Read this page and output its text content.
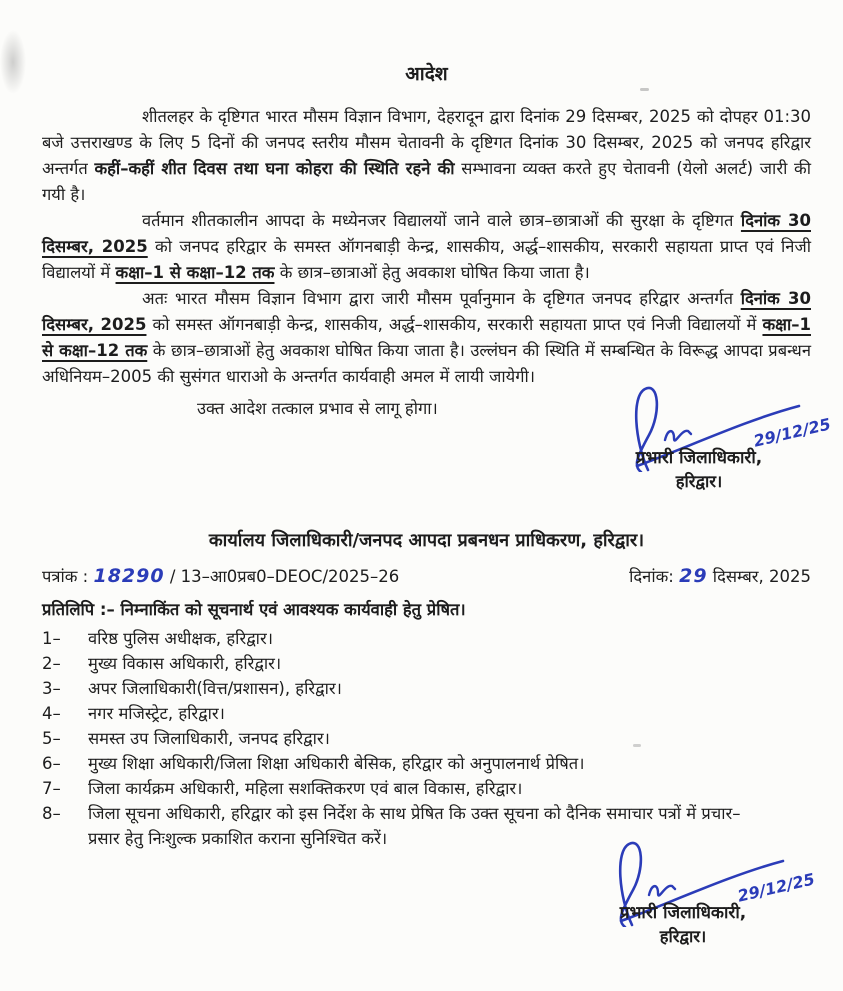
आदेश

शीतलहर के दृष्टिगत भारत मौसम विज्ञान विभाग, देहरादून द्वारा दिनांक 29 दिसम्बर, 2025 को दोपहर 01:30 बजे उत्तराखण्ड के लिए 5 दिनों की जनपद स्तरीय मौसम चेतावनी के दृष्टिगत दिनांक 30 दिसम्बर, 2025 को जनपद हरिद्वार अन्तर्गत कहीं–कहीं शीत दिवस तथा घना कोहरा की स्थिति रहने की सम्भावना व्यक्त करते हुए चेतावनी (येलो अलर्ट) जारी की गयी है।

वर्तमान शीतकालीन आपदा के मध्येनजर विद्यालयों जाने वाले छात्र–छात्राओं की सुरक्षा के दृष्टिगत दिनांक 30 दिसम्बर, 2025 को जनपद हरिद्वार के समस्त ऑगनबाड़ी केन्द्र, शासकीय, अर्द्ध–शासकीय, सरकारी सहायता प्राप्त एवं निजी विद्यालयों में कक्षा–1 से कक्षा–12 तक के छात्र–छात्राओं हेतु अवकाश घोषित किया जाता है।

अतः भारत मौसम विज्ञान विभाग द्वारा जारी मौसम पूर्वानुमान के दृष्टिगत जनपद हरिद्वार अन्तर्गत दिनांक 30 दिसम्बर, 2025 को समस्त ऑगनबाड़ी केन्द्र, शासकीय, अर्द्ध–शासकीय, सरकारी सहायता प्राप्त एवं निजी विद्यालयों में कक्षा–1 से कक्षा–12 तक के छात्र–छात्राओं हेतु अवकाश घोषित किया जाता है। उल्लंघन की स्थिति में सम्बन्धित के विरूद्ध आपदा प्रबन्धन अधिनियम–2005 की सुसंगत धाराओ के अन्तर्गत कार्यवाही अमल में लायी जायेगी।

उक्त आदेश तत्काल प्रभाव से लागू होगा।

29/12/25
प्रभारी जिलाधिकारी,
हरिद्वार।
कार्यालय जिलाधिकारी/जनपद आपदा प्रबनधन प्राधिकरण, हरिद्वार।
पत्रांक : 18290 / 13–आ0प्रब0–DEOC/2025–26	दिनांक: 29 दिसम्बर, 2025
प्रतिलिपि :– निम्नाकिंत को सूचनार्थ एवं आवश्यक कार्यवाही हेतु प्रेषित।
1–	वरिष्ठ पुलिस अधीक्षक, हरिद्वार।
2–	मुख्य विकास अधिकारी, हरिद्वार।
3–	अपर जिलाधिकारी(वित्त/प्रशासन), हरिद्वार।
4–	नगर मजिस्ट्रेट, हरिद्वार।
5–	समस्त उप जिलाधिकारी, जनपद हरिद्वार।
6–	मुख्य शिक्षा अधिकारी/जिला शिक्षा अधिकारी बेसिक, हरिद्वार को अनुपालनार्थ प्रेषित।
7–	जिला कार्यक्रम अधिकारी, महिला सशक्तिकरण एवं बाल विकास, हरिद्वार।
8–	जिला सूचना अधिकारी, हरिद्वार को इस निर्देश के साथ प्रेषित कि उक्त सूचना को दैनिक समाचार पत्रों में प्रचार–प्रसार हेतु निःशुल्क प्रकाशित कराना सुनिश्चित करें।
29/12/25
प्रभारी जिलाधिकारी,
हरिद्वार।
